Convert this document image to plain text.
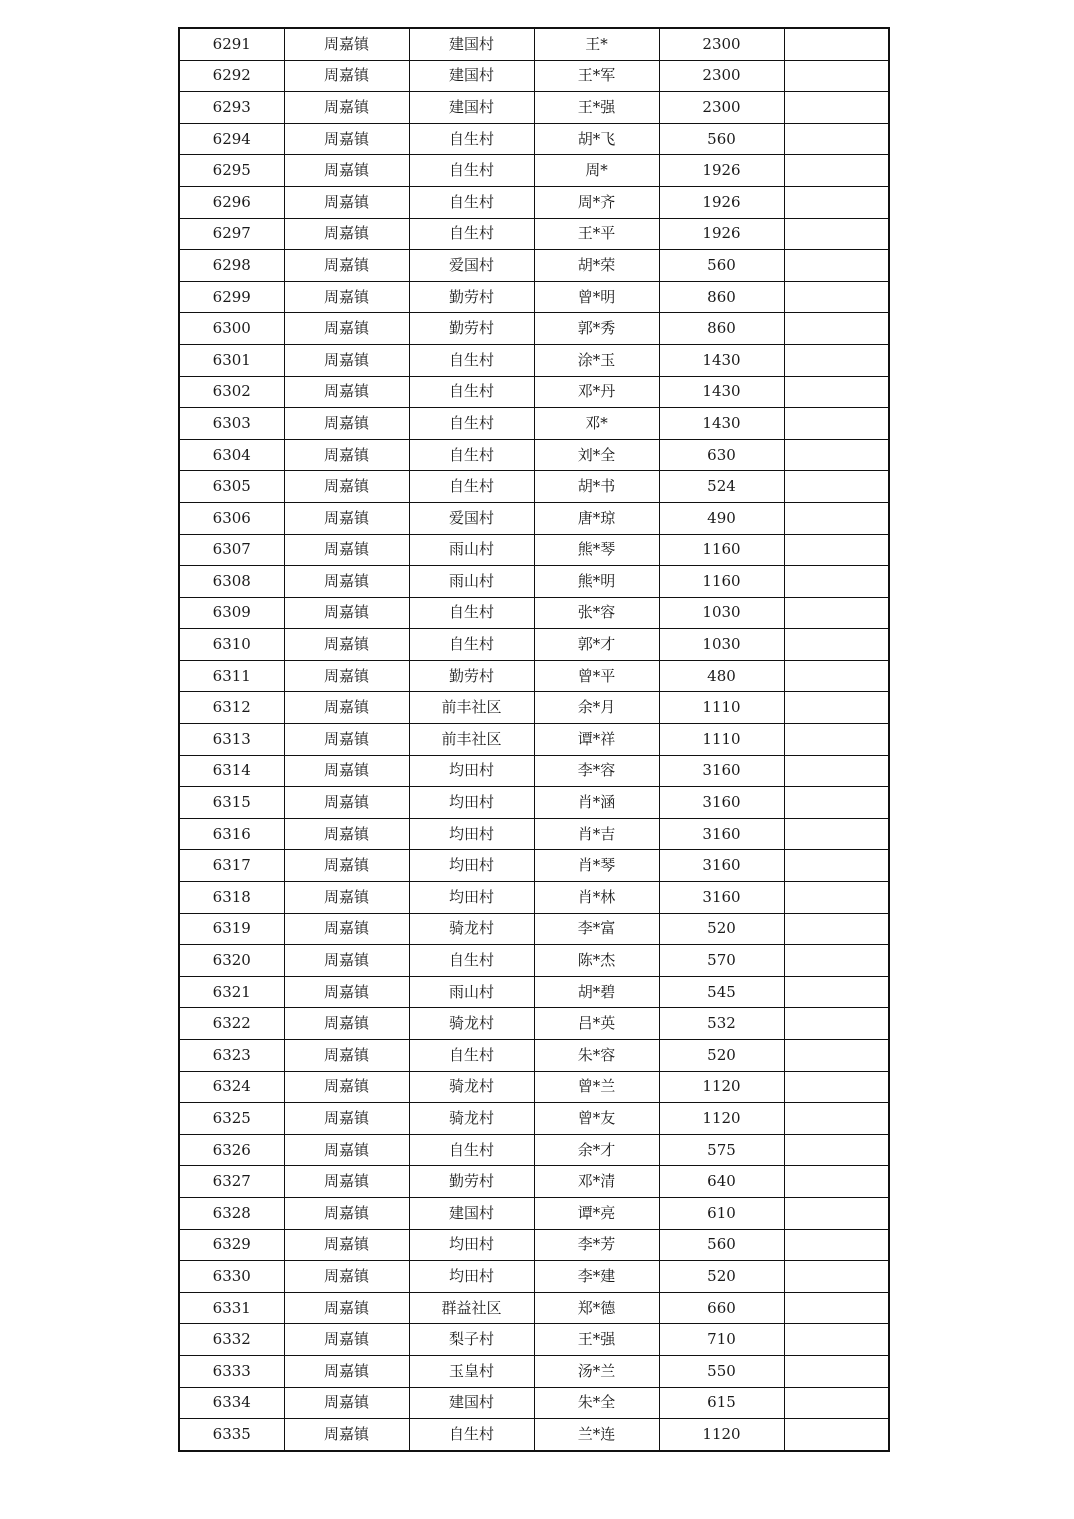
6291	周嘉镇	建国村	王*	2300	
6292	周嘉镇	建国村	王*军	2300	
6293	周嘉镇	建国村	王*强	2300	
6294	周嘉镇	自生村	胡*飞	560	
6295	周嘉镇	自生村	周*	1926	
6296	周嘉镇	自生村	周*齐	1926	
6297	周嘉镇	自生村	王*平	1926	
6298	周嘉镇	爱国村	胡*荣	560	
6299	周嘉镇	勤劳村	曾*明	860	
6300	周嘉镇	勤劳村	郭*秀	860	
6301	周嘉镇	自生村	涂*玉	1430	
6302	周嘉镇	自生村	邓*丹	1430	
6303	周嘉镇	自生村	邓*	1430	
6304	周嘉镇	自生村	刘*全	630	
6305	周嘉镇	自生村	胡*书	524	
6306	周嘉镇	爱国村	唐*琼	490	
6307	周嘉镇	雨山村	熊*琴	1160	
6308	周嘉镇	雨山村	熊*明	1160	
6309	周嘉镇	自生村	张*容	1030	
6310	周嘉镇	自生村	郭*才	1030	
6311	周嘉镇	勤劳村	曾*平	480	
6312	周嘉镇	前丰社区	余*月	1110	
6313	周嘉镇	前丰社区	谭*祥	1110	
6314	周嘉镇	均田村	李*容	3160	
6315	周嘉镇	均田村	肖*涵	3160	
6316	周嘉镇	均田村	肖*吉	3160	
6317	周嘉镇	均田村	肖*琴	3160	
6318	周嘉镇	均田村	肖*林	3160	
6319	周嘉镇	骑龙村	李*富	520	
6320	周嘉镇	自生村	陈*杰	570	
6321	周嘉镇	雨山村	胡*碧	545	
6322	周嘉镇	骑龙村	吕*英	532	
6323	周嘉镇	自生村	朱*容	520	
6324	周嘉镇	骑龙村	曾*兰	1120	
6325	周嘉镇	骑龙村	曾*友	1120	
6326	周嘉镇	自生村	余*才	575	
6327	周嘉镇	勤劳村	邓*清	640	
6328	周嘉镇	建国村	谭*亮	610	
6329	周嘉镇	均田村	李*芳	560	
6330	周嘉镇	均田村	李*建	520	
6331	周嘉镇	群益社区	郑*德	660	
6332	周嘉镇	梨子村	王*强	710	
6333	周嘉镇	玉皇村	汤*兰	550	
6334	周嘉镇	建国村	朱*全	615	
6335	周嘉镇	自生村	兰*连	1120	
